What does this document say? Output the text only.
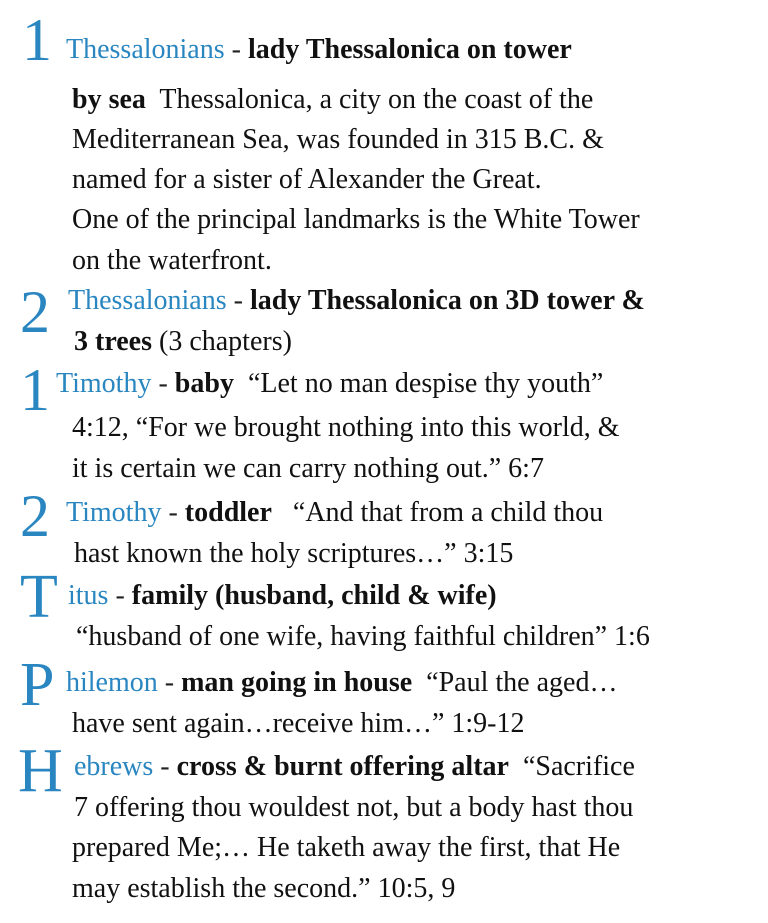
1 Thessalonians - lady Thessalonica on tower
by sea  Thessalonica, a city on the coast of the
Mediterranean Sea, was founded in 315 B.C. &
named for a sister of Alexander the Great.
One of the principal landmarks is the White Tower
on the waterfront.
2 Thessalonians - lady Thessalonica on 3D tower &
3 trees (3 chapters)
1 Timothy - baby  “Let no man despise thy youth”
4:12, “For we brought nothing into this world, &
it is certain we can carry nothing out.” 6:7
2 Timothy - toddler   “And that from a child thou
hast known the holy scriptures…” 3:15
T itus - family (husband, child & wife)
“husband of one wife, having faithful children” 1:6
P hilemon - man going in house  “Paul the aged…
have sent again…receive him…” 1:9-12
H ebrews - cross & burnt offering altar  “Sacrifice
7 offering thou wouldest not, but a body hast thou
prepared Me;… He taketh away the first, that He
may establish the second.” 10:5, 9
